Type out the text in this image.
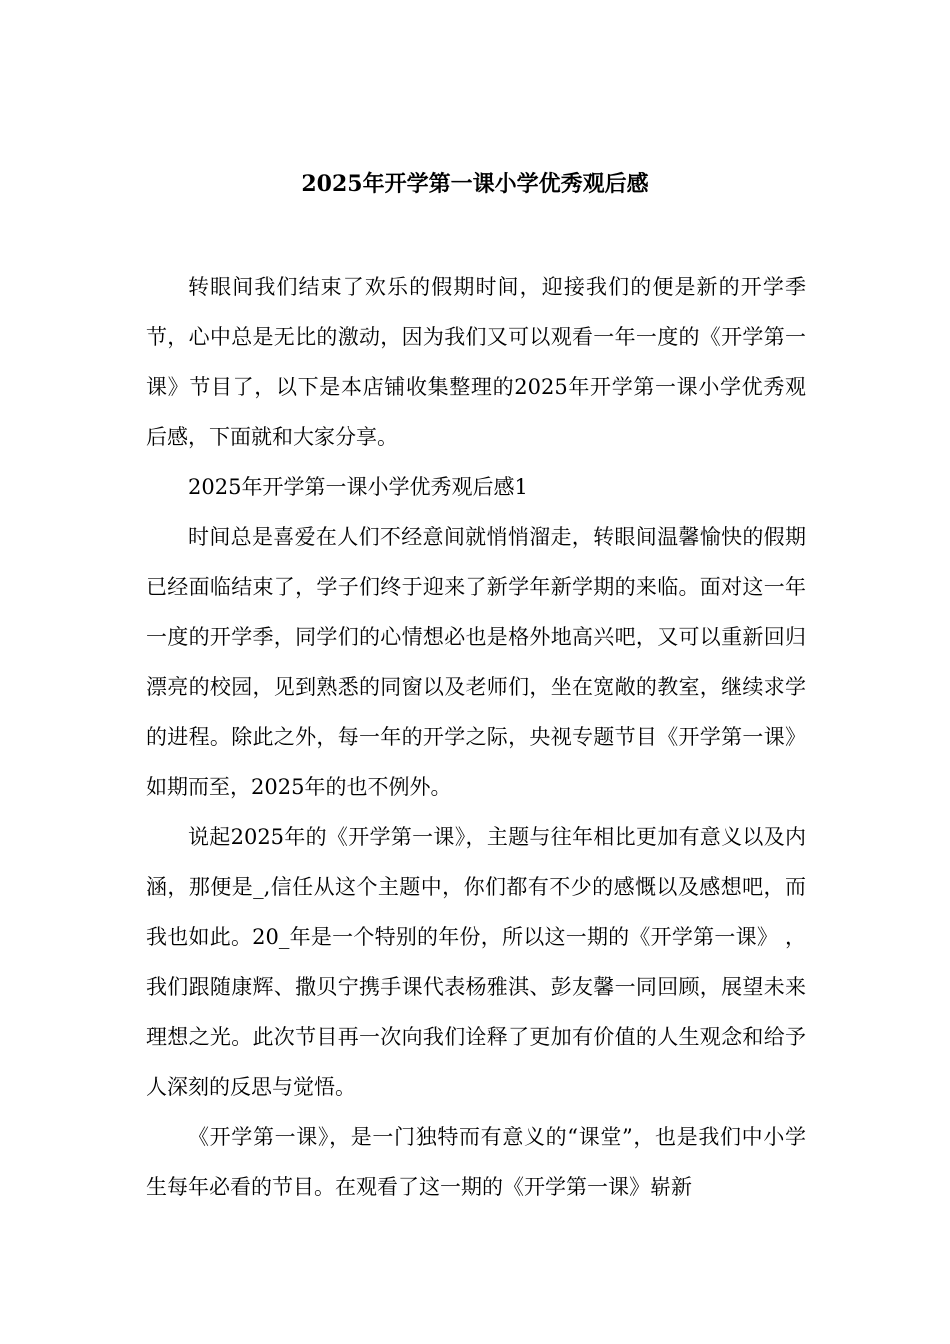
2025年开学第一课小学优秀观后感

转眼间我们结束了欢乐的假期时间，迎接我们的便是新的开学季节，心中总是无比的激动，因为我们又可以观看一年一度的《开学第一课》节目了，以下是本店铺收集整理的2025年开学第一课小学优秀观后感，下面就和大家分享。

2025年开学第一课小学优秀观后感1

时间总是喜爱在人们不经意间就悄悄溜走，转眼间温馨愉快的假期已经面临结束了，学子们终于迎来了新学年新学期的来临。面对这一年一度的开学季，同学们的心情想必也是格外地高兴吧，又可以重新回归漂亮的校园，见到熟悉的同窗以及老师们，坐在宽敞的教室，继续求学的进程。除此之外，每一年的开学之际，央视专题节目《开学第一课》如期而至，2025年的也不例外。

说起2025年的《开学第一课》，主题与往年相比更加有意义以及内涵，那便是_,信任从这个主题中，你们都有不少的感慨以及感想吧，而我也如此。20_年是一个特别的年份，所以这一期的《开学第一课》 ，我们跟随康辉、撒贝宁携手课代表杨雅淇、彭友馨一同回顾，展望未来理想之光。此次节目再一次向我们诠释了更加有价值的人生观念和给予人深刻的反思与觉悟。

《开学第一课》，是一门独特而有意义的“课堂”，也是我们中小学生每年必看的节目。在观看了这一期的《开学第一课》崭新
